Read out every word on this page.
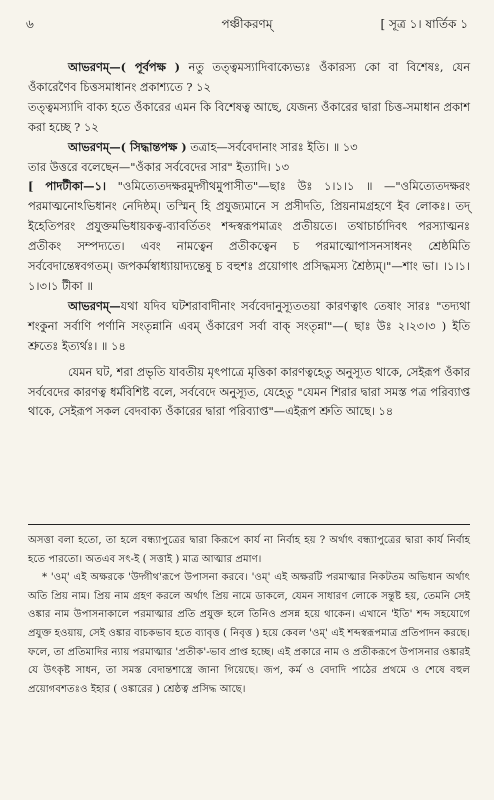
৬	পঞ্চীকরণম্	[ সূত্র ১। ষার্তিক ১

আভরণম্—( পূর্বপক্ষ ) নতু তত্ত্বমস্যাদিবাক্যেভ্যঃ ওঁকারস্য কো বা বিশেষঃ, যেন ওঁকারেণৈব চিত্তসমাধানং প্রকাশ্যতে ? ১২

তত্ত্বমস্যাদি বাক্য হতে ওঁকারের এমন কি বিশেষত্ব আছে, যেজন্য ওঁকারের দ্বারা চিত্ত-সমাধান প্রকাশ করা হচ্ছে ? ১২

আভরণম্—( সিদ্ধান্তপক্ষ ) তত্রাহ—সর্ববেদানাং সারঃ ইতি। ॥ ১৩

তার উত্তরে বলেছেন—"ওঁকার সর্ববেদের সার" ইত্যাদি। ১৩

[ পাদটীকা—১। "ওমিত্যেতদক্ষরমুদ্গীথমুপাসীত"—ছাঃ উঃ ১।১।১ ॥ —"ওমিত্যেতদক্ষরং পরমাত্মনোঽভিধানং নেদিষ্ঠম্। তস্মিন্ হি প্রযুজ্যমানে স প্রসীদতি, প্রিয়নামগ্রহণে ইব লোকঃ। তদ্ ইহেতিপরং প্রযুক্তমভিধায়কত্ব-ব্যাবর্তিতং শব্দস্বরূপমাত্রং প্রতীয়তে। তথাচার্চাদিবৎ পরস্যাত্মনঃ প্রতীকং সম্পদ্যতে। এবং নামত্বেন প্রতীকত্বেন চ পরমাত্মোপাসনসাধনং শ্রেষ্ঠমিতি সর্ববেদান্তেষ্ববগতম্। জপকর্মস্বাধ্যায়াদ্যন্তেষু চ বহুশঃ প্রয়োগাৎ প্রসিদ্ধমস্য শ্রৈষ্ঠ্যম্।"—শাং ভা। ।১।১।১।৩।১ টীকা ॥

আভরণম্—যথা যদিব ঘটশরাবাদীনাং সর্ববেদানুস্যূততয়া কারণত্বাৎ তেষাং সারঃ "তদ্যথা শংকুনা সর্বাণি পর্ণানি সংতৃন্নানি এবম্ ওঁকারেণ সর্বা বাক্ সংতৃন্না"—( ছাঃ উঃ ২।২৩।৩ ) ইতি শ্রুতেঃ ইত্যর্থঃ। ॥ ১৪

যেমন ঘট, শরা প্রভৃতি যাবতীয় মৃৎপাত্রে মৃত্তিকা কারণত্বহেতু অনুস্যূত থাকে, সেইরূপ ওঁকার সর্ববেদের কারণত্ব ধর্মবিশিষ্ট বলে, সর্ববেদে অনুস্যূত, যেহেতু "যেমন শিরার দ্বারা সমস্ত পত্র পরিব্যাপ্ত থাকে, সেইরূপ সকল বেদবাক্য ওঁকারের দ্বারা পরিব্যাপ্ত"—এইরূপ শ্রুতি আছে। ১৪

অসত্তা বলা হতো, তা হলে বন্ধ্যাপুত্রের দ্বারা কিরূপে কার্য না নির্বাহ হয় ? অর্থাৎ বন্ধ্যাপুত্রের দ্বারা কার্য নির্বাহ হতে পারতো। অতএব সৎ-ই ( সত্তাই ) মাত্র আত্মার প্রমাণ।

* 'ওম্' এই অক্ষরকে 'উদ্গীথ'রূপে উপাসনা করবে। 'ওম্' এই অক্ষরটি পরমাত্মার নিকটতম অভিধান অর্থাৎ অতি প্রিয় নাম। প্রিয় নাম গ্রহণ করলে অর্থাৎ প্রিয় নামে ডাকলে, যেমন সাধারণ লোকে সন্তুষ্ট হয়, তেমনি সেই ওঙ্কার নাম উপাসনাকালে পরমাত্মার প্রতি প্রযুক্ত হলে তিনিও প্রসন্ন হয়ে থাকেন। এখানে 'ইতি' শব্দ সহযোগে প্রযুক্ত হওয়ায়, সেই ওঙ্কার বাচকভাব হতে ব্যাবৃত্ত ( নিবৃত্ত ) হয়ে কেবল 'ওম্' এই শব্দস্বরূপমাত্র প্রতিপাদন করছে। ফলে, তা প্রতিমাদির ন্যায় পরমাত্মার 'প্রতীক'-ভাব প্রাপ্ত হচ্ছে। এই প্রকারে নাম ও প্রতীকরূপে উপাসনার ওঙ্কারই যে উৎকৃষ্ট সাধন, তা সমস্ত বেদান্তশাস্ত্রে জানা গিয়েছে। জপ, কর্ম ও বেদাদি পাঠের প্রথমে ও শেষে বহুল প্রয়োগবশতঃও ইহার ( ওঙ্কারের ) শ্রেষ্ঠত্ব প্রসিদ্ধ আছে।
